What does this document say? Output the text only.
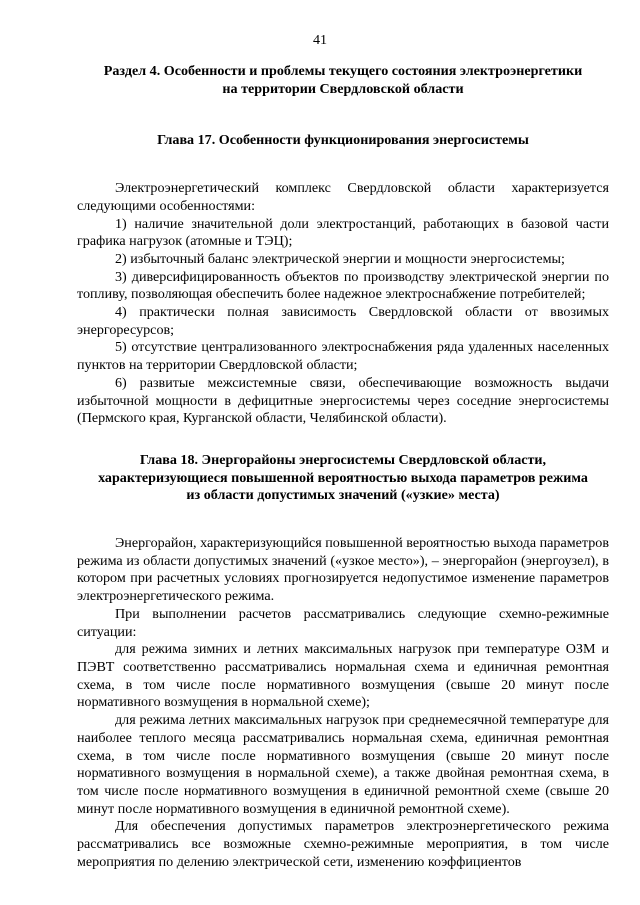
41
Раздел 4. Особенности и проблемы текущего состояния электроэнергетики
на территории Свердловской области
Глава 17. Особенности функционирования энергосистемы

Электроэнергетический комплекс Свердловской области характеризуется следующими особенностями:

1) наличие значительной доли электростанций, работающих в базовой части графика нагрузок (атомные и ТЭЦ);

2) избыточный баланс электрической энергии и мощности энергосистемы;

3) диверсифицированность объектов по производству электрической энергии по топливу, позволяющая обеспечить более надежное электроснабжение потребителей;

4) практически полная зависимость Свердловской области от ввозимых энергоресурсов;

5) отсутствие централизованного электроснабжения ряда удаленных населенных пунктов на территории Свердловской области;

6) развитые межсистемные связи, обеспечивающие возможность выдачи избыточной мощности в дефицитные энергосистемы через соседние энергосистемы (Пермского края, Курганской области, Челябинской области).

Глава 18. Энергорайоны энергосистемы Свердловской области,
характеризующиеся повышенной вероятностью выхода параметров режима
из области допустимых значений («узкие» места)

Энергорайон, характеризующийся повышенной вероятностью выхода параметров режима из области допустимых значений («узкое место»), – энергорайон (энергоузел), в котором при расчетных условиях прогнозируется недопустимое изменение параметров электроэнергетического режима.

При выполнении расчетов рассматривались следующие схемно-режимные ситуации:

для режима зимних и летних максимальных нагрузок при температуре ОЗМ и ПЭВТ соответственно рассматривались нормальная схема и единичная ремонтная схема, в том числе после нормативного возмущения (свыше 20 минут после нормативного возмущения в нормальной схеме);

для режима летних максимальных нагрузок при среднемесячной температуре для наиболее теплого месяца рассматривались нормальная схема, единичная ремонтная схема, в том числе после нормативного возмущения (свыше 20 минут после нормативного возмущения в нормальной схеме), а также двойная ремонтная схема, в том числе после нормативного возмущения в единичной ремонтной схеме (свыше 20 минут после нормативного возмущения в единичной ремонтной схеме).

Для обеспечения допустимых параметров электроэнергетического режима рассматривались все возможные схемно-режимные мероприятия, в том числе мероприятия по делению электрической сети, изменению коэффициентов
